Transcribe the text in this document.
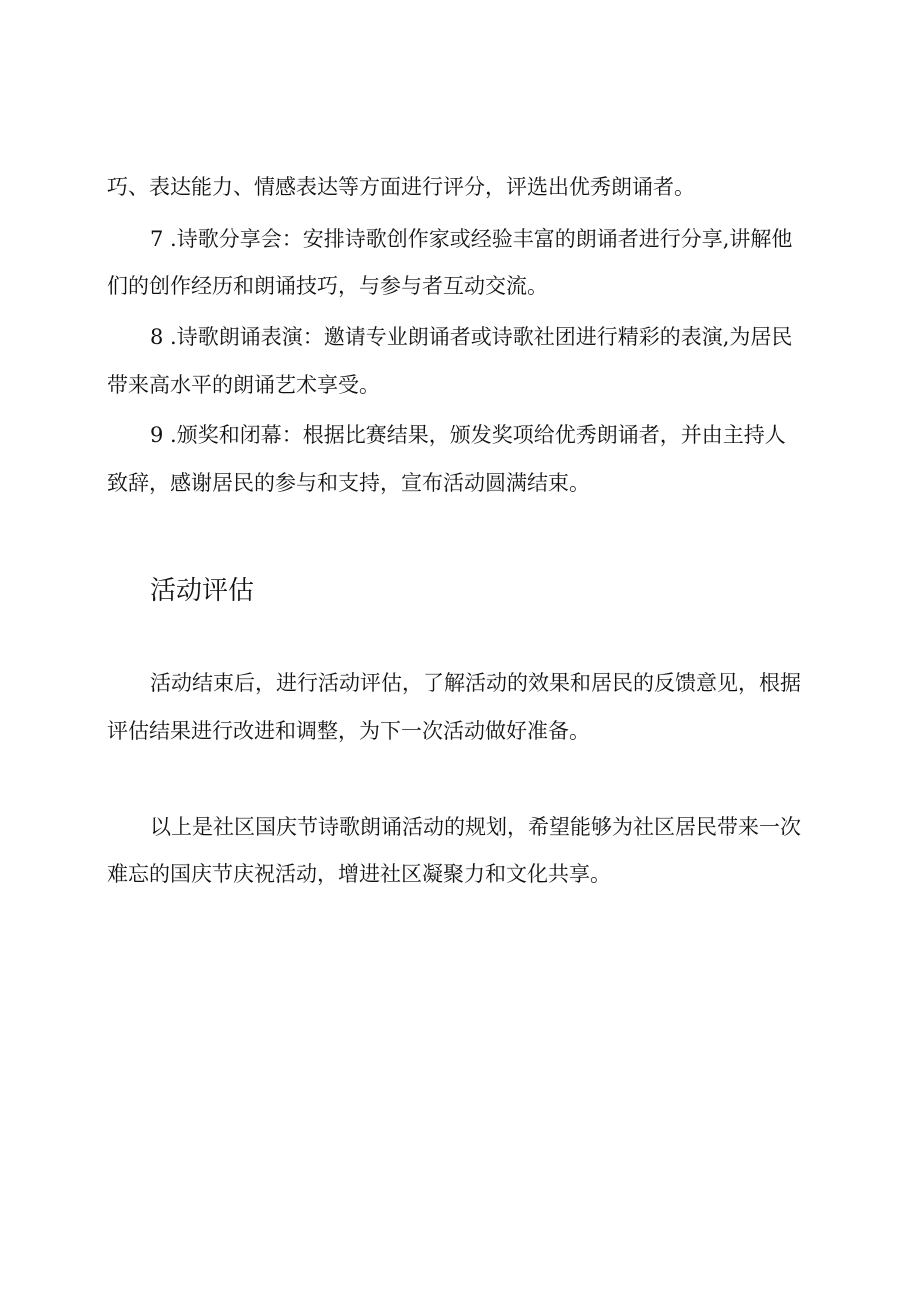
巧、表达能力、情感表达等方面进行评分，评选出优秀朗诵者。
7 .诗歌分享会：安排诗歌创作家或经验丰富的朗诵者进行分享,讲解他
们的创作经历和朗诵技巧，与参与者互动交流。
8 .诗歌朗诵表演：邀请专业朗诵者或诗歌社团进行精彩的表演,为居民
带来高水平的朗诵艺术享受。
9 .颁奖和闭幕：根据比赛结果，颁发奖项给优秀朗诵者，并由主持人
致辞，感谢居民的参与和支持，宣布活动圆满结束。
活动评估
活动结束后，进行活动评估，了解活动的效果和居民的反馈意见，根据
评估结果进行改进和调整，为下一次活动做好准备。
以上是社区国庆节诗歌朗诵活动的规划，希望能够为社区居民带来一次
难忘的国庆节庆祝活动，增进社区凝聚力和文化共享。
